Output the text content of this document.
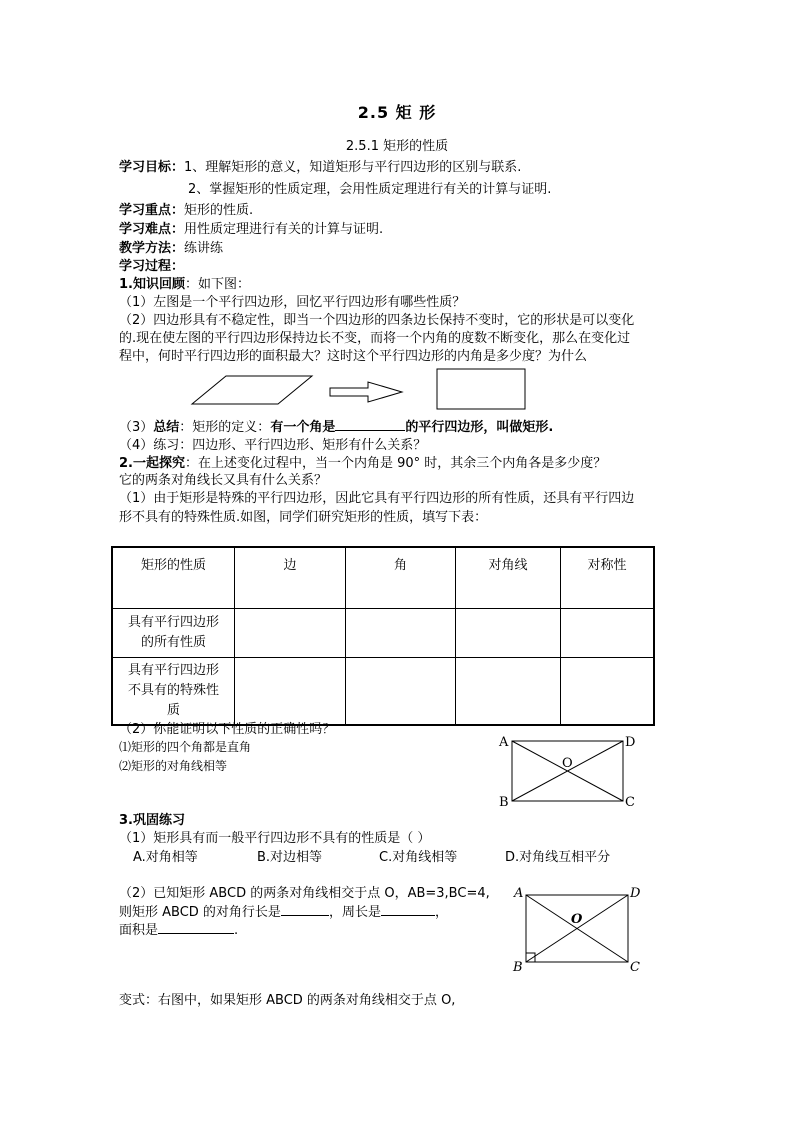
2.5 矩 形
2.5.1 矩形的性质
学习目标：1、理解矩形的意义，知道矩形与平行四边形的区别与联系.
2、掌握矩形的性质定理，会用性质定理进行有关的计算与证明.
学习重点：矩形的性质.
学习难点：用性质定理进行有关的计算与证明.
教学方法：练讲练
学习过程：
1.知识回顾：如下图：
（1）左图是一个平行四边形，回忆平行四边形有哪些性质？
（2）四边形具有不稳定性，即当一个四边形的四条边长保持不变时，它的形状是可以变化
的.现在使左图的平行四边形保持边长不变，而将一个内角的度数不断变化，那么在变化过
程中，何时平行四边形的面积最大？这时这个平行四边形的内角是多少度？为什么
（3）总结：矩形的定义：有一个角是	的平行四边形，叫做矩形.
（4）练习：四边形、平行四边形、矩形有什么关系？
2.一起探究：在上述变化过程中，当一个内角是 90° 时，其余三个内角各是多少度？
它的两条对角线长又具有什么关系？
（1）由于矩形是特殊的平行四边形，因此它具有平行四边形的所有性质，还具有平行四边
形不具有的特殊性质.如图，同学们研究矩形的性质，填写下表：
矩形的性质	边	角	对角线	对称性

具有平行四边形
的所有性质				

具有平行四边形
不具有的特殊性
质				

（2）你能证明以下性质的正确性吗？
⑴矩形的四个角都是直角
⑵矩形的对角线相等
A
B	C
D
O
3.巩固练习
（1）矩形具有而一般平行四边形不具有的性质是（ ）
A.对角相等	B.对边相等	C.对角线相等	D.对角线互相平分
（2）已知矩形 ABCD 的两条对角线相交于点 O，AB=3,BC=4,
则矩形 ABCD 的对角行长是	，周长是	，
面积是	.
A
B	C
D
O
变式：右图中，如果矩形 ABCD 的两条对角线相交于点 O,
